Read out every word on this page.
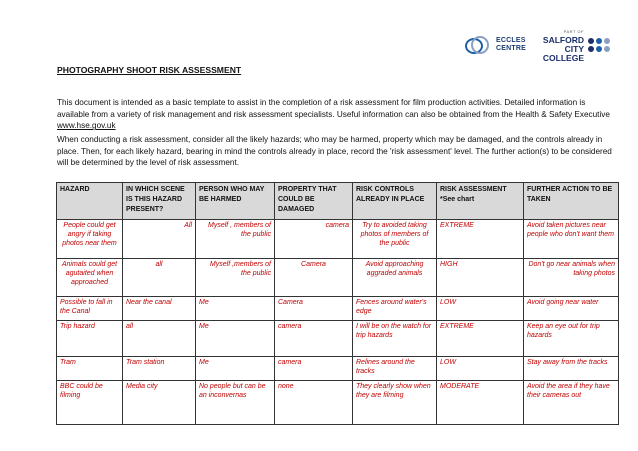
ECCLES CENTRE
PART OF
SALFORD CITY COLLEGE
PHOTOGRAPHY SHOOT RISK ASSESSMENT
This document is intended as a basic template to assist in the completion of a risk assessment for film production activities. Detailed information is available from a variety of risk management and risk assessment specialists. Useful information can also be obtained from the Health & Safety Executive www.hse.gov.uk
When conducting a risk assessment, consider all the likely hazards; who may be harmed, property which may be damaged, and the controls already in place. Then, for each likely hazard, bearing in mind the controls already in place, record the 'risk assessment' level. The further action(s) to be considered will be determined by the level of risk assessment.
HAZARD	IN WHICH SCENE IS THIS HAZARD PRESENT?	PERSON WHO MAY BE HARMED	PROPERTY THAT COULD BE DAMAGED	RISK CONTROLS ALREADY IN PLACE	RISK ASSESSMENT *See chart	FURTHER ACTION TO BE TAKEN
People could get angry if taking photos near them	All	Myself , members of the public	camera	Try to avoided taking photos of members of the public	EXTREME	Avoid taken pictures near people who don't want them
Animals could get agutaited when approached	all	Myself ,members of the public	Camera	Avoid approaching aggraded animals	HIGH	Don't go near animals when taking photos
Possible to fall in the Canal	Near the canal	Me	Camera	Fences around water's edge	LOW	Avoid going near water
Trip hazard	all	Me	camera	I will be on the watch for trip hazards	EXTREME	Keep an eye out for trip hazards
Tram	Tram station	Me	camera	Relines around the tracks	LOW	Stay away from the tracks
BBC could be filming	Media city	No people but can be an inconvernas	none	They clearly show when they are filming	MODERATE	Avoid the area if they have their cameras out
